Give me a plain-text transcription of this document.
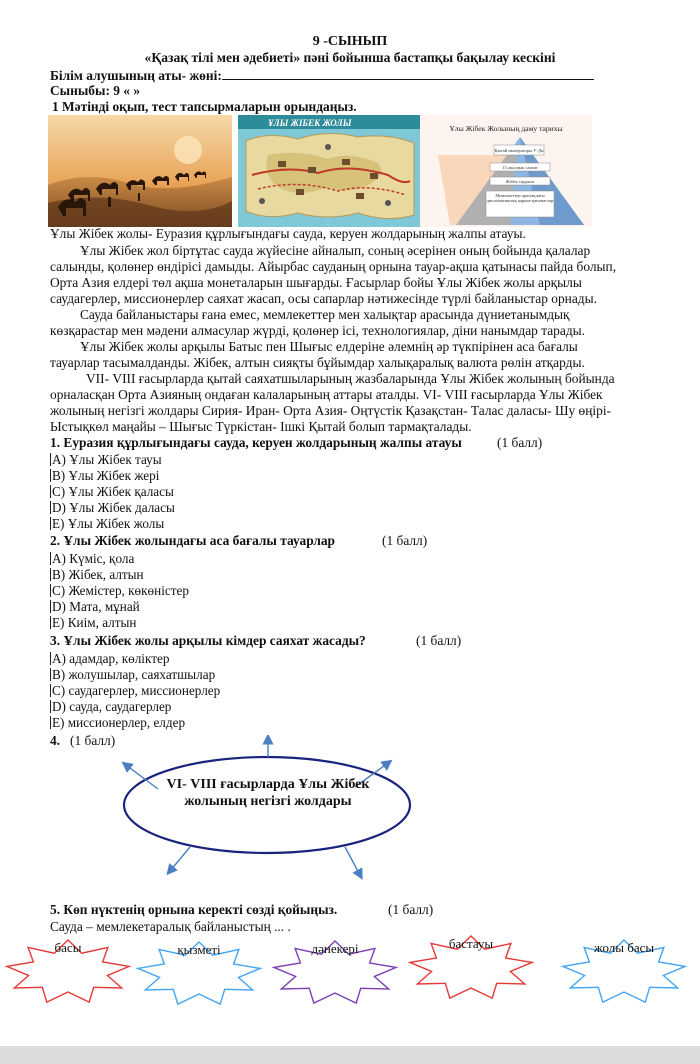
9 -СЫНЫП
«Қазақ тілі мен әдебиеті» пәні бойынша бастапқы бақылау кескіні
Білім алушының аты- жөні:
Сыныбы: 9 « »
1 Мәтінді оқып, тест тапсырмаларын орындаңыз.
ҰЛЫ ЖІБЕК ЖОЛЫ
Ұлы Жібек Жолының даму тарихы
Қытай императоры У-Ди
13 жылдық саяхат
Жібек саудасы
Мемлекеттер арасындағы дипломатиялық қарым-қатынастар
Ұлы Жібек жолы- Еуразия құрлығындағы сауда, керуен жолдарының жалпы атауы.
Ұлы Жібек жол біртұтас сауда жүйесіне айналып, соның әсерінен оның бойында қалалар
салынды, қолөнер өндірісі дамыды. Айырбас сауданың орнына тауар-ақша қатынасы пайда болып,
Орта Азия елдері төл ақша монеталарын шығарды. Ғасырлар бойы Ұлы Жібек жолы арқылы
саудагерлер, миссионерлер саяхат жасап, осы сапарлар нәтижесінде түрлі байланыстар орнады.
Сауда байланыстары ғана емес, мемлекеттер мен халықтар арасында дүниетанымдық
көзқарастар мен мәдени алмасулар жүрді, қолөнер ісі, технологиялар, діни нанымдар тарады.
Ұлы Жібек жолы арқылы Батыс пен Шығыс елдеріне әлемнің әр түкпірінен аса бағалы
тауарлар тасымалданды. Жібек, алтын сияқты бұйымдар халықаралық валюта рөлін атқарды.
VІІ- VІІІ ғасырларда қытай саяхатшыларының жазбаларында Ұлы Жібек жолының бойында
орналасқан Орта Азияның ондаған калаларының аттары аталды. VІ- VІІІ ғасырларда Ұлы Жібек
жолының негізгі жолдары Сирия- Иран- Орта Азия- Оңтүстік Қазақстан- Талас даласы- Шу өңірі-
Ыстықкөл маңайы – Шығыс Түркістан- Ішкі Қытай болып тармақталады.
1. Еуразия құрлығындағы сауда, керуен жолдарының жалпы атауы	(1 балл)
А) Ұлы Жібек тауы
В) Ұлы Жібек жері
С) Ұлы Жібек қаласы
D) Ұлы Жібек даласы
Е) Ұлы Жібек жолы
2. Ұлы Жібек жолындағы аса бағалы тауарлар	(1 балл)
А) Күміс, қола
В) Жібек, алтын
С) Жемістер, көкөністер
D) Мата, мұнай
Е) Киім, алтын
3. Ұлы Жібек жолы арқылы кімдер саяхат жасады?	(1 балл)
А) адамдар, көліктер
В) жолушылар, саяхатшылар
С) саудагерлер, миссионерлер
D) сауда, саудагерлер
Е) миссионерлер, елдер
4. (1 балл)
VІ- VІІІ ғасырларда Ұлы Жібек
жолының негізгі жолдары
5. Көп нүктенің орнына керекті сөзді қойыңыз.	(1 балл)
Сауда – мемлекетаралық байланыстың ... .
басы	қызметі	дәнекері	бастауы	жолы басы
